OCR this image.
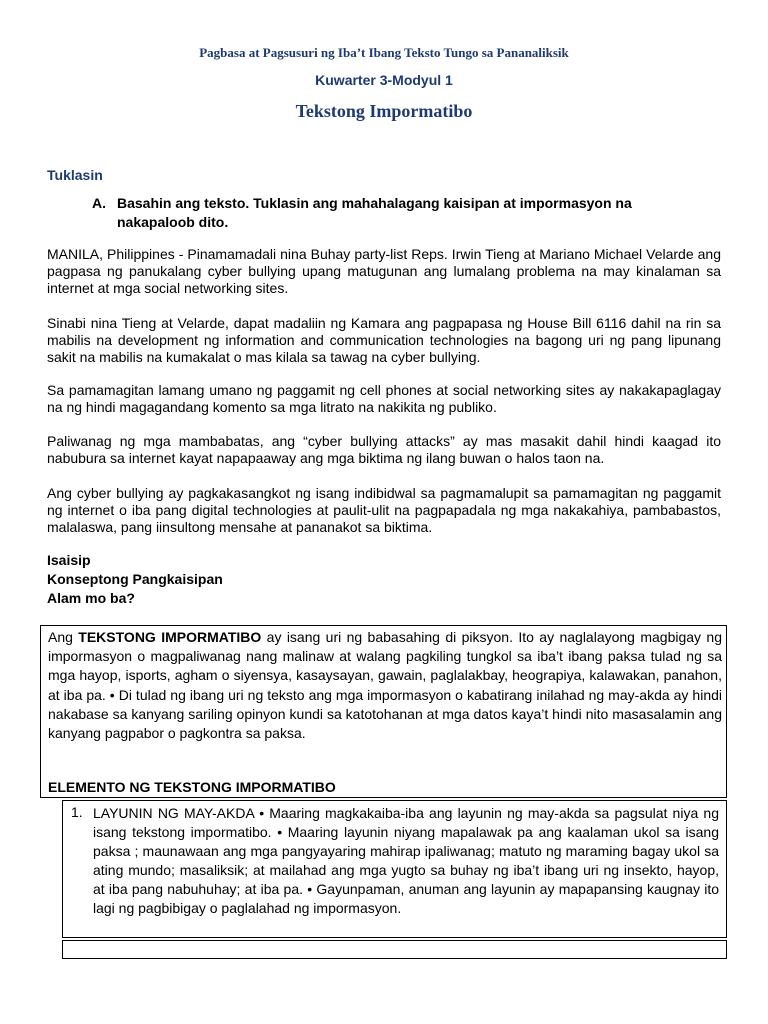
Pagbasa at Pagsusuri ng Iba’t Ibang Teksto Tungo sa Pananaliksik
Kuwarter 3-Modyul 1
Tekstong Impormatibo
Tuklasin
A. Basahin ang teksto. Tuklasin ang mahahalagang kaisipan at impormasyon na nakapaloob dito.
MANILA, Philippines - Pinamamadali nina Buhay party-list Reps. Irwin Tieng at Mariano Michael Velarde ang pagpasa ng panukalang cyber bullying upang matugunan ang lumalang problema na may kinalaman sa internet at mga social networking sites.
Sinabi nina Tieng at Velarde, dapat madaliin ng Kamara ang pagpapasa ng House Bill 6116 dahil na rin sa mabilis na development ng information and communication technologies na bagong uri ng pang lipunang sakit na mabilis na kumakalat o mas kilala sa tawag na cyber bullying.
Sa pamamagitan lamang umano ng paggamit ng cell phones at social networking sites ay nakakapaglagay na ng hindi magagandang komento sa mga litrato na nakikita ng publiko.
Paliwanag ng mga mambabatas, ang “cyber bullying attacks” ay mas masakit dahil hindi kaagad ito nabubura sa internet kayat napapaaway ang mga biktima ng ilang buwan o halos taon na.
Ang cyber bullying ay pagkakasangkot ng isang indibidwal sa pagmamalupit sa pamamagitan ng paggamit ng internet o iba pang digital technologies at paulit-ulit na pagpapadala ng mga nakakahiya, pambabastos, malalaswa, pang iinsultong mensahe at pananakot sa biktima.
Isaisip
Konseptong Pangkaisipan
Alam mo ba?
Ang TEKSTONG IMPORMATIBO ay isang uri ng babasahing di piksyon. Ito ay naglalayong magbigay ng impormasyon o magpaliwanag nang malinaw at walang pagkiling tungkol sa iba’t ibang paksa tulad ng sa mga hayop, isports, agham o siyensya, kasaysayan, gawain, paglalakbay, heograpiya, kalawakan, panahon, at iba pa. • Di tulad ng ibang uri ng teksto ang mga impormasyon o kabatirang inilahad ng may-akda ay hindi nakabase sa kanyang sariling opinyon kundi sa katotohanan at mga datos kaya’t hindi nito masasalamin ang kanyang pagpabor o pagkontra sa paksa.
ELEMENTO NG TEKSTONG IMPORMATIBO
1. LAYUNIN NG MAY-AKDA • Maaring magkakaiba-iba ang layunin ng may-akda sa pagsulat niya ng isang tekstong impormatibo. • Maaring layunin niyang mapalawak pa ang kaalaman ukol sa isang paksa ; maunawaan ang mga pangyayaring mahirap ipaliwanag; matuto ng maraming bagay ukol sa ating mundo; masaliksik; at mailahad ang mga yugto sa buhay ng iba’t ibang uri ng insekto, hayop, at iba pang nabuhuhay; at iba pa. • Gayunpaman, anuman ang layunin ay mapapansing kaugnay ito lagi ng pagbibigay o paglalahad ng impormasyon.
